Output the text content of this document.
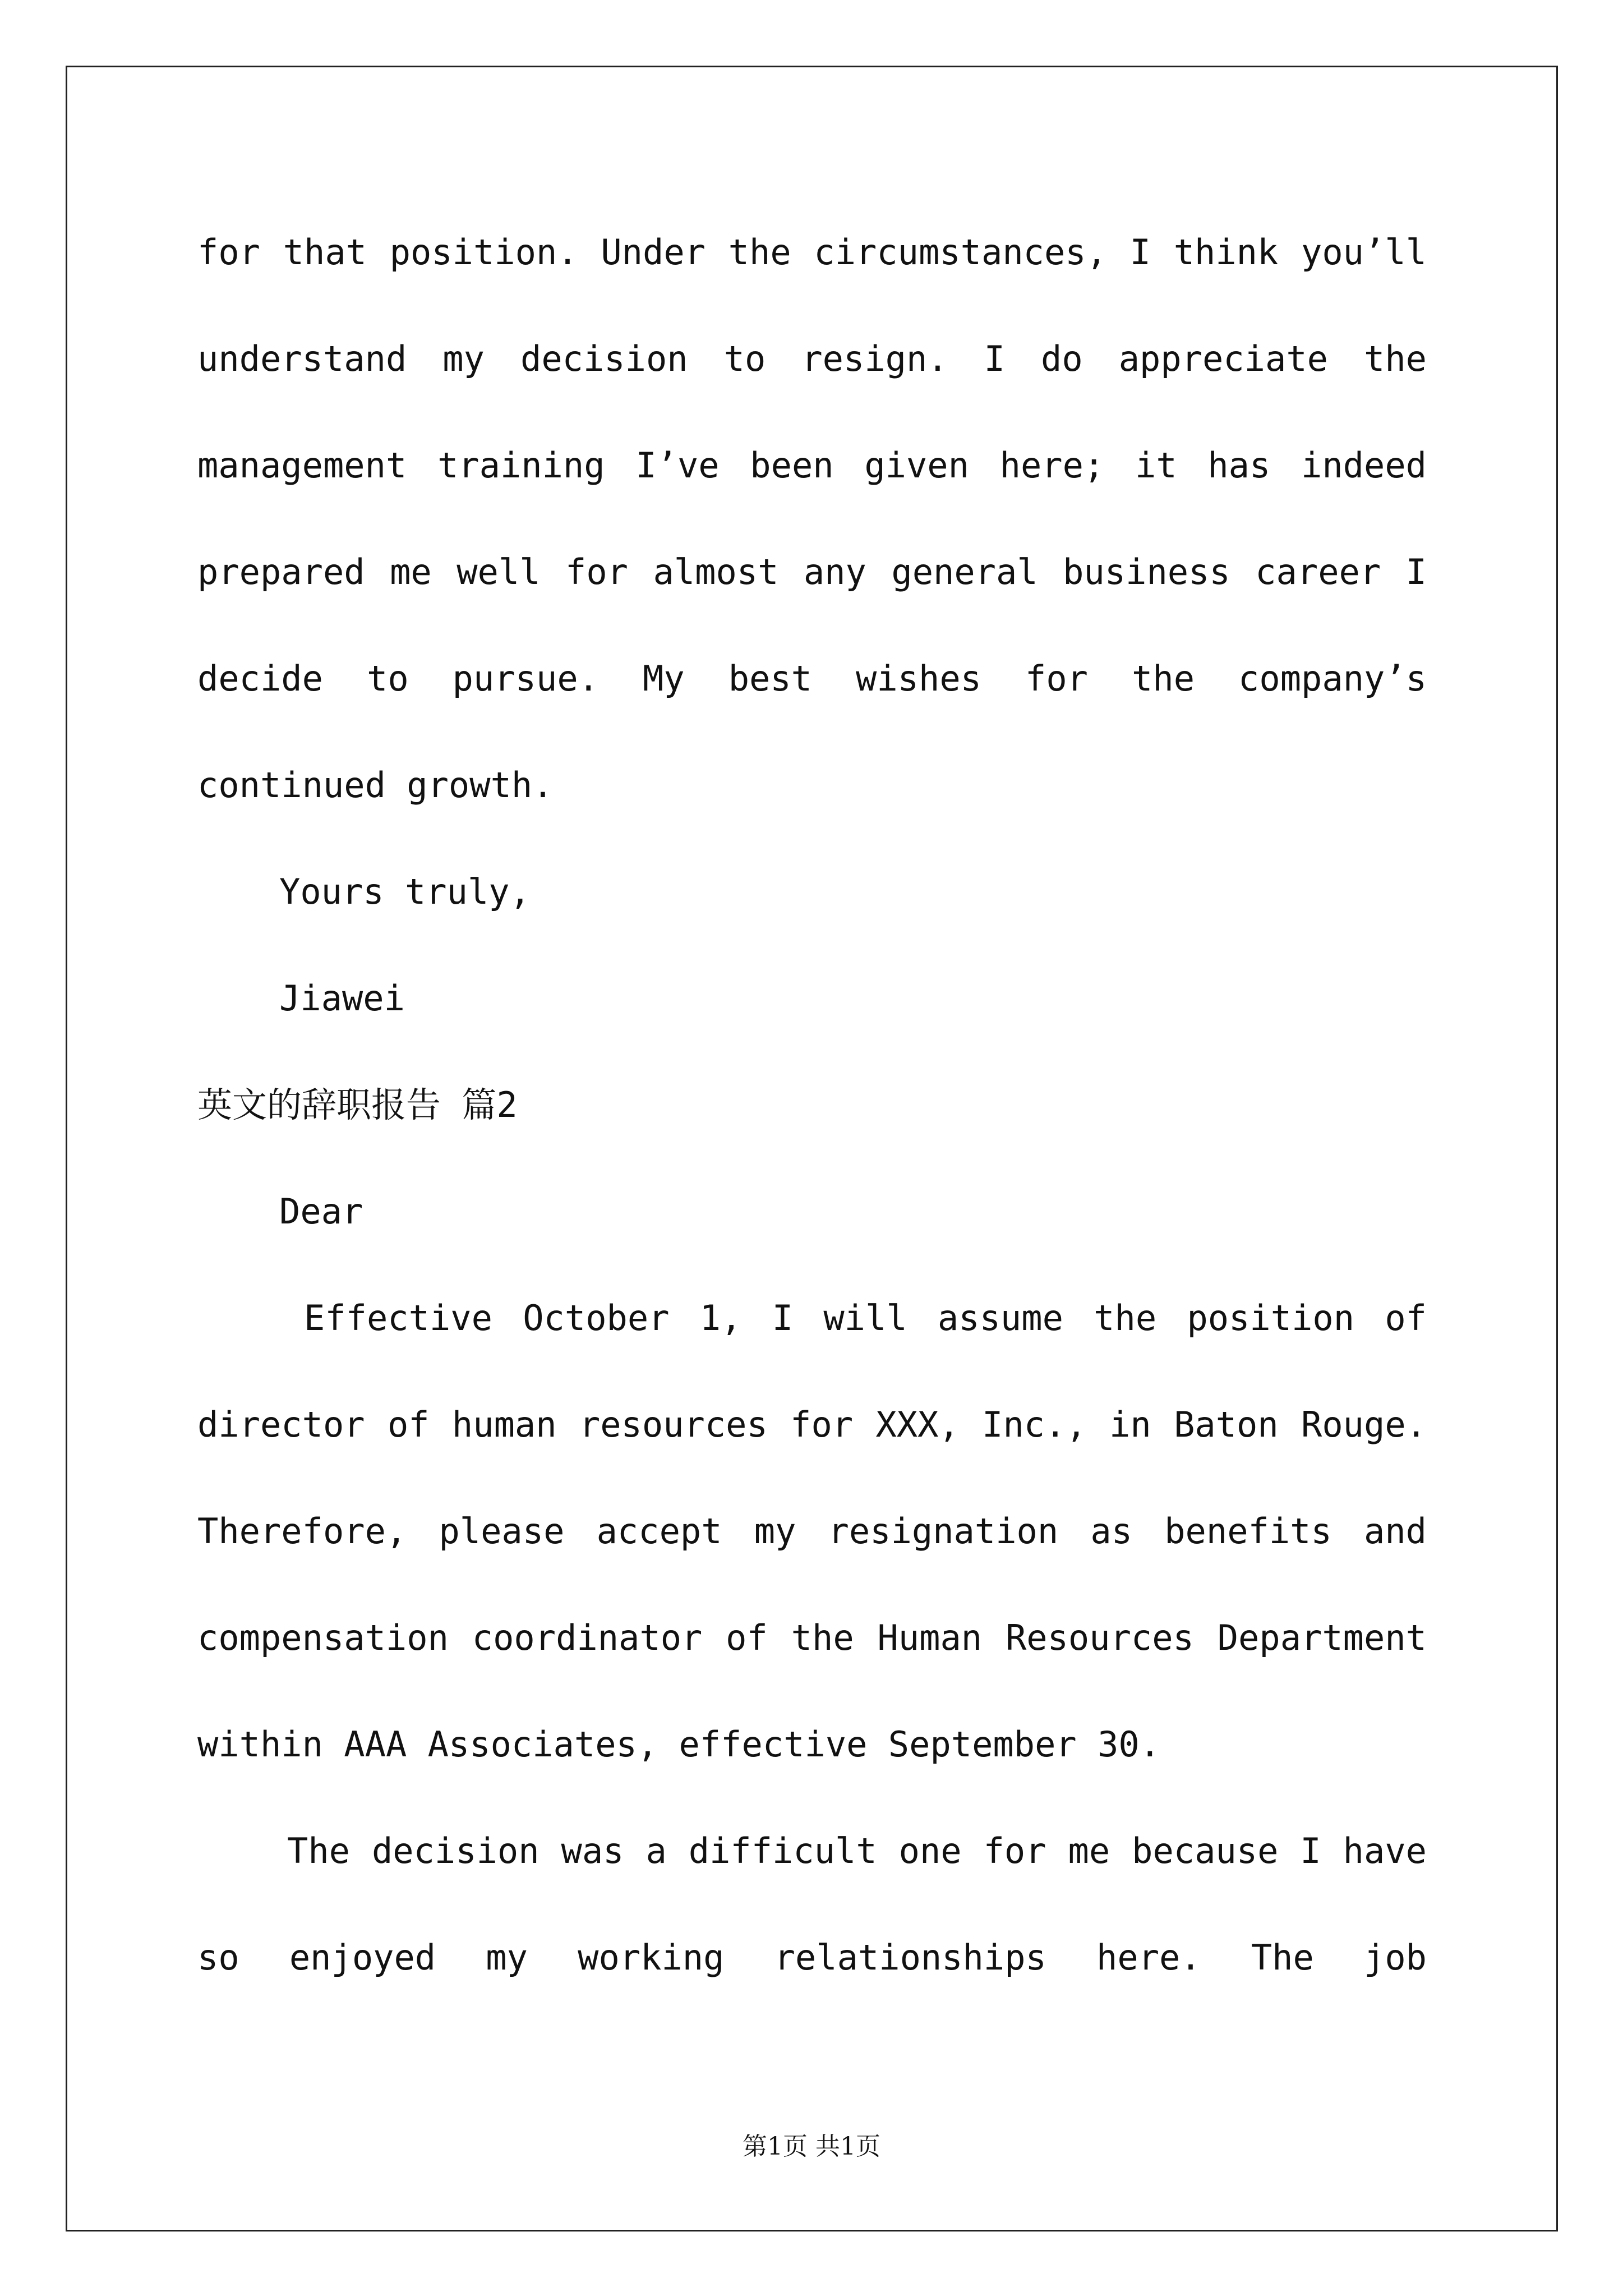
for that position. Under the circumstances, I think you’ll
understand my decision to resign. I do appreciate the
management training I’ve been given here; it has indeed
prepared me well for almost any general business career I
decide to pursue. My best wishes for the company’s
continued growth.
Yours truly,
Jiawei
英文的辞职报告 篇2
Dear
Effective October 1, I will assume the position of
director of human resources for XXX, Inc., in Baton Rouge.
Therefore, please accept my resignation as benefits and
compensation coordinator of the Human Resources Department
within AAA Associates, effective September 30.
The decision was a difficult one for me because I have
so enjoyed my working relationships here. The job
第1页 共1页
